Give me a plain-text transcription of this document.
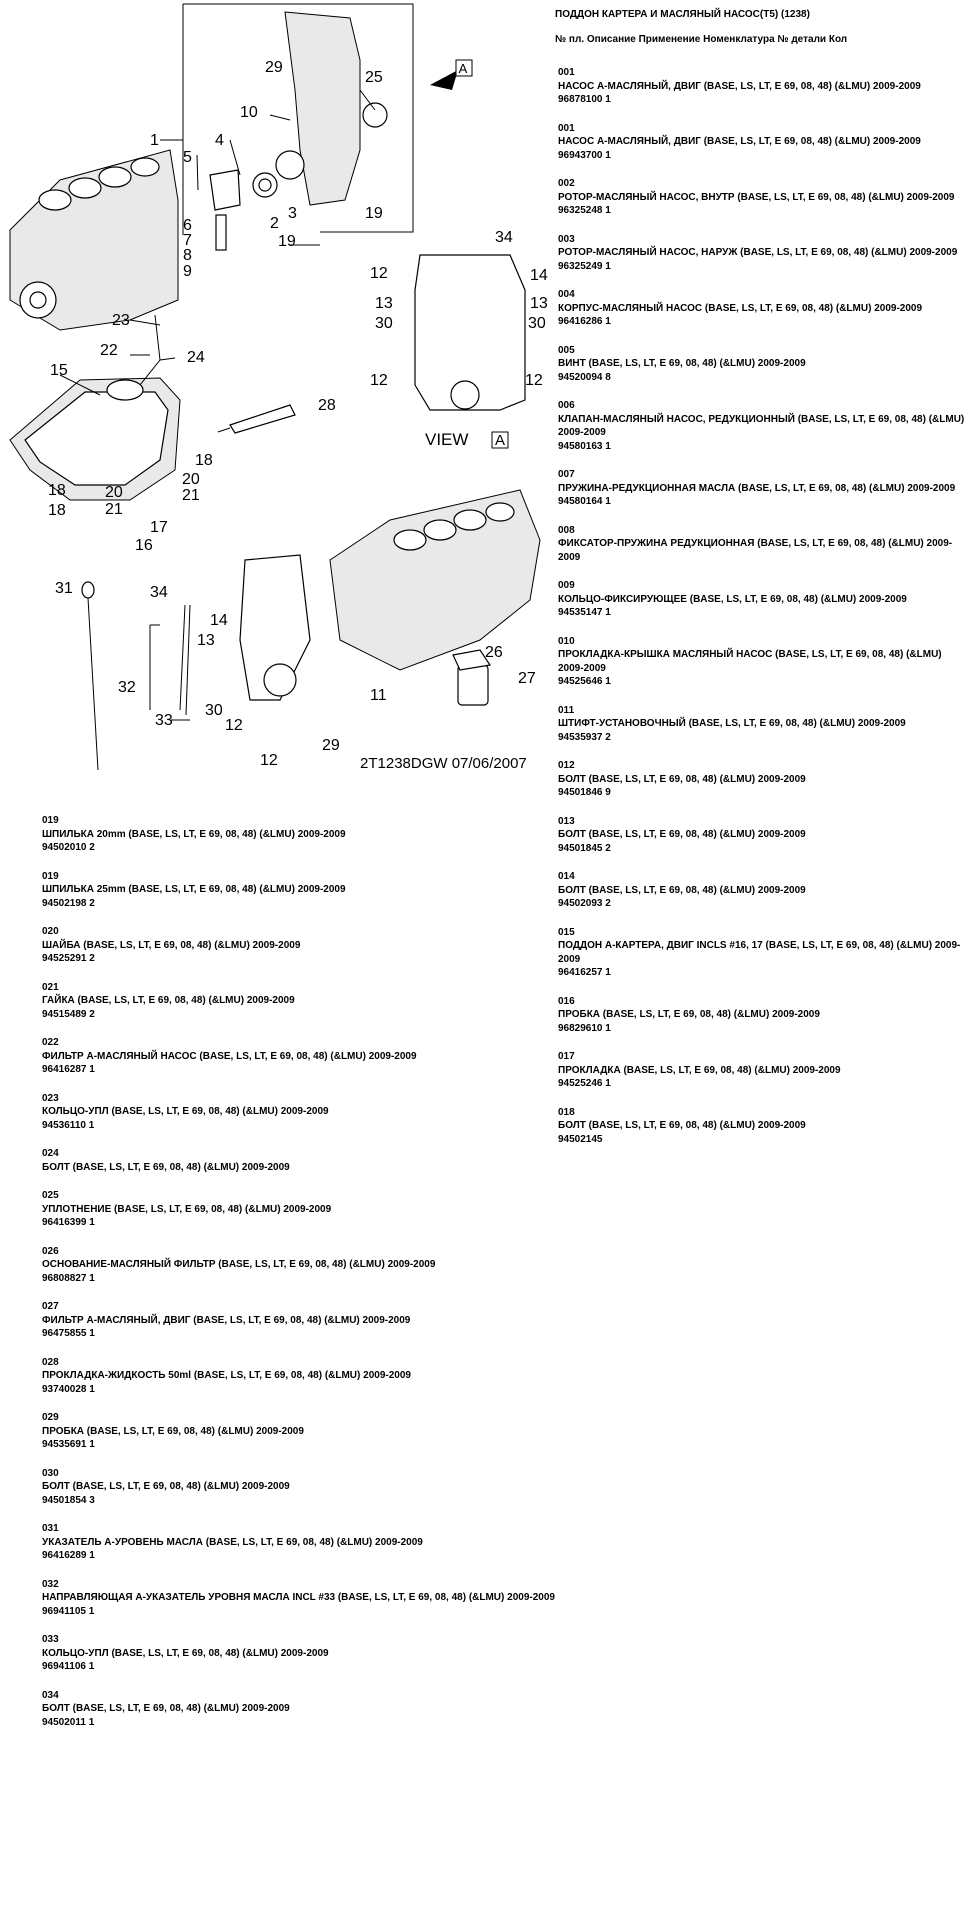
1
2
3
4
5
6
7
8
9
10
11
12	12
12
12
12
13	13
13
14
14
15
16
17
18
18
18
19
19
20
20
21
21
22
23
24
25
26
27
28
29
29
30	30
30
31
32
33
34
34
A
VIEW A
2T1238DGW 07/06/2007
ПОДДОН КАРТЕРА И МАСЛЯНЫЙ НАСОС(T5) (1238)
№ пл. Описание Применение Номенклатура № детали Кол
001
НАСОС А-МАСЛЯНЫЙ, ДВИГ (BASE, LS, LT, E 69, 08, 48) (&LMU) 2009-2009
96878100 1
001
НАСОС А-МАСЛЯНЫЙ, ДВИГ (BASE, LS, LT, E 69, 08, 48) (&LMU) 2009-2009
96943700 1
002
РОТОР-МАСЛЯНЫЙ НАСОС, ВНУТР (BASE, LS, LT, E 69, 08, 48) (&LMU) 2009-2009
96325248 1
003
РОТОР-МАСЛЯНЫЙ НАСОС, НАРУЖ (BASE, LS, LT, E 69, 08, 48) (&LMU) 2009-2009
96325249 1
004
КОРПУС-МАСЛЯНЫЙ НАСОС (BASE, LS, LT, E 69, 08, 48) (&LMU) 2009-2009
96416286 1
005
ВИНТ (BASE, LS, LT, E 69, 08, 48) (&LMU) 2009-2009
94520094 8
006
КЛАПАН-МАСЛЯНЫЙ НАСОС, РЕДУКЦИОННЫЙ (BASE, LS, LT, E 69, 08, 48) (&LMU) 2009-2009
94580163 1
007
ПРУЖИНА-РЕДУКЦИОННАЯ МАСЛА (BASE, LS, LT, E 69, 08, 48) (&LMU) 2009-2009
94580164 1
008
ФИКСАТОР-ПРУЖИНА РЕДУКЦИОННАЯ (BASE, LS, LT, E 69, 08, 48) (&LMU) 2009-2009
009
КОЛЬЦО-ФИКСИРУЮЩЕЕ (BASE, LS, LT, E 69, 08, 48) (&LMU) 2009-2009
94535147 1
010
ПРОКЛАДКА-КРЫШКА МАСЛЯНЫЙ НАСОС (BASE, LS, LT, E 69, 08, 48) (&LMU) 2009-2009
94525646 1
011
ШТИФТ-УСТАНОВОЧНЫЙ (BASE, LS, LT, E 69, 08, 48) (&LMU) 2009-2009
94535937 2
012
БОЛТ (BASE, LS, LT, E 69, 08, 48) (&LMU) 2009-2009
94501846 9
013
БОЛТ (BASE, LS, LT, E 69, 08, 48) (&LMU) 2009-2009
94501845 2
014
БОЛТ (BASE, LS, LT, E 69, 08, 48) (&LMU) 2009-2009
94502093 2
015
ПОДДОН А-КАРТЕРА, ДВИГ INCLS #16, 17 (BASE, LS, LT, E 69, 08, 48) (&LMU) 2009-2009
96416257 1
016
ПРОБКА (BASE, LS, LT, E 69, 08, 48) (&LMU) 2009-2009
96829610 1
017
ПРОКЛАДКА (BASE, LS, LT, E 69, 08, 48) (&LMU) 2009-2009
94525246 1
018
БОЛТ (BASE, LS, LT, E 69, 08, 48) (&LMU) 2009-2009
94502145
019
ШПИЛЬКА 20mm (BASE, LS, LT, E 69, 08, 48) (&LMU) 2009-2009
94502010 2
019
ШПИЛЬКА 25mm (BASE, LS, LT, E 69, 08, 48) (&LMU) 2009-2009
94502198 2
020
ШАЙБА (BASE, LS, LT, E 69, 08, 48) (&LMU) 2009-2009
94525291 2
021
ГАЙКА (BASE, LS, LT, E 69, 08, 48) (&LMU) 2009-2009
94515489 2
022
ФИЛЬТР А-МАСЛЯНЫЙ НАСОС (BASE, LS, LT, E 69, 08, 48) (&LMU) 2009-2009
96416287 1
023
КОЛЬЦО-УПЛ (BASE, LS, LT, E 69, 08, 48) (&LMU) 2009-2009
94536110 1
024
БОЛТ (BASE, LS, LT, E 69, 08, 48) (&LMU) 2009-2009
025
УПЛОТНЕНИЕ (BASE, LS, LT, E 69, 08, 48) (&LMU) 2009-2009
96416399 1
026
ОСНОВАНИЕ-МАСЛЯНЫЙ ФИЛЬТР (BASE, LS, LT, E 69, 08, 48) (&LMU) 2009-2009
96808827 1
027
ФИЛЬТР А-МАСЛЯНЫЙ, ДВИГ (BASE, LS, LT, E 69, 08, 48) (&LMU) 2009-2009
96475855 1
028
ПРОКЛАДКА-ЖИДКОСТЬ 50ml (BASE, LS, LT, E 69, 08, 48) (&LMU) 2009-2009
93740028 1
029
ПРОБКА (BASE, LS, LT, E 69, 08, 48) (&LMU) 2009-2009
94535691 1
030
БОЛТ (BASE, LS, LT, E 69, 08, 48) (&LMU) 2009-2009
94501854 3
031
УКАЗАТЕЛЬ А-УРОВЕНЬ МАСЛА (BASE, LS, LT, E 69, 08, 48) (&LMU) 2009-2009
96416289 1
032
НАПРАВЛЯЮЩАЯ А-УКАЗАТЕЛЬ УРОВНЯ МАСЛА INCL #33 (BASE, LS, LT, E 69, 08, 48) (&LMU) 2009-2009
96941105 1
033
КОЛЬЦО-УПЛ (BASE, LS, LT, E 69, 08, 48) (&LMU) 2009-2009
96941106 1
034
БОЛТ (BASE, LS, LT, E 69, 08, 48) (&LMU) 2009-2009
94502011 1
